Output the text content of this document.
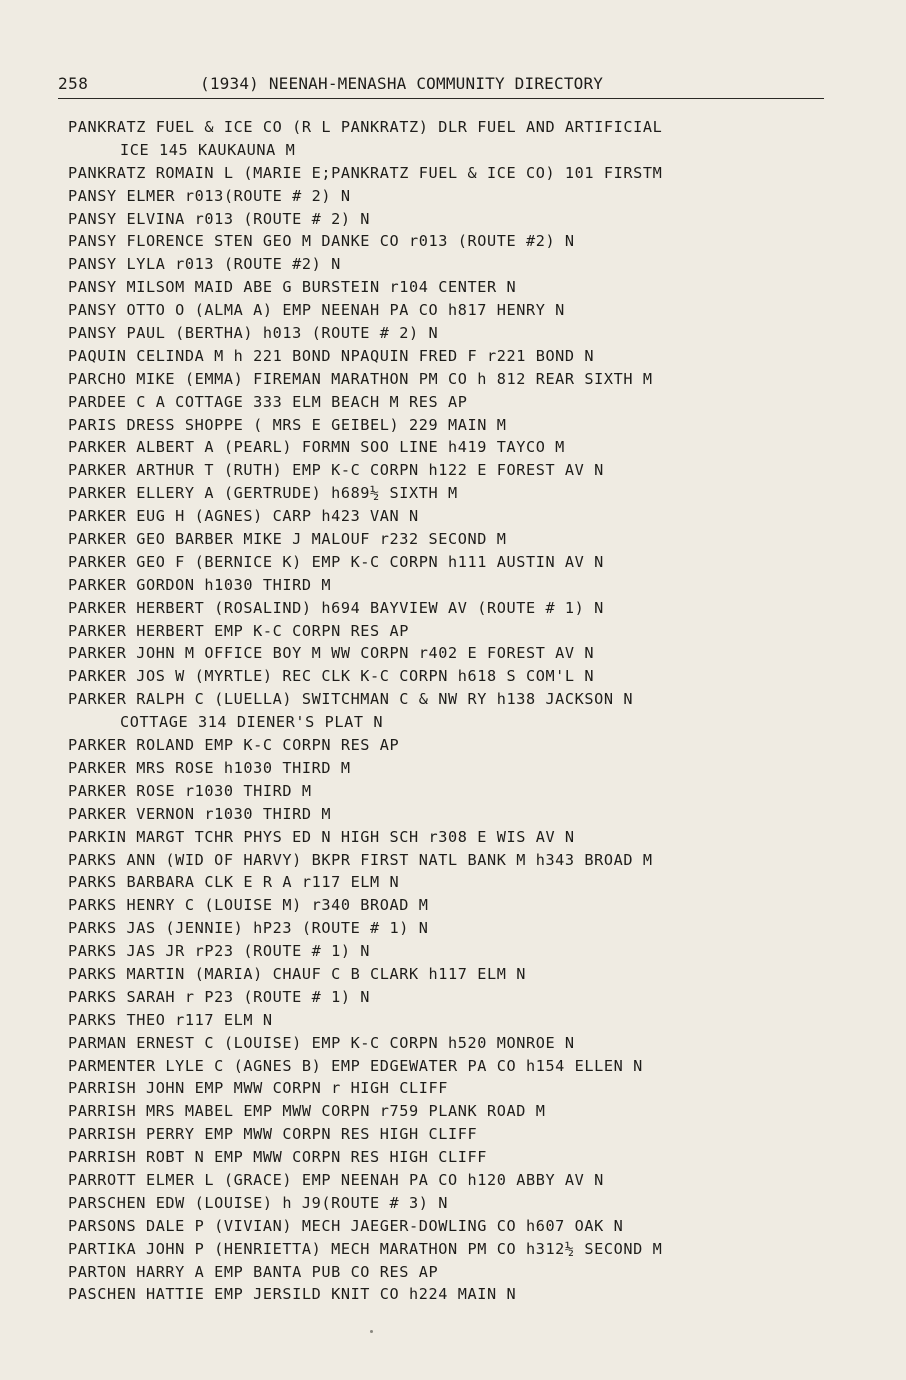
258	(1934) NEENAH-MENASHA COMMUNITY DIRECTORY
PANKRATZ FUEL & ICE CO (R L PANKRATZ) DLR FUEL AND ARTIFICIAL
ICE 145 KAUKAUNA M
PANKRATZ ROMAIN L (MARIE E;PANKRATZ FUEL & ICE CO) 101 FIRSTM
PANSY ELMER r013(ROUTE # 2) N
PANSY ELVINA r013 (ROUTE # 2) N
PANSY FLORENCE STEN GEO M DANKE CO r013 (ROUTE #2) N
PANSY LYLA r013 (ROUTE #2) N
PANSY MILSOM MAID ABE G BURSTEIN r104 CENTER N
PANSY OTTO O (ALMA A) EMP NEENAH PA CO h817 HENRY N
PANSY PAUL (BERTHA) h013 (ROUTE # 2) N
PAQUIN CELINDA M h 221 BOND NPAQUIN FRED F r221 BOND N
PARCHO MIKE (EMMA) FIREMAN MARATHON PM CO h 812 REAR SIXTH M
PARDEE C A COTTAGE 333 ELM BEACH M RES AP
PARIS DRESS SHOPPE ( MRS E GEIBEL) 229 MAIN M
PARKER ALBERT A (PEARL) FORMN SOO LINE h419 TAYCO M
PARKER ARTHUR T (RUTH) EMP K-C CORPN h122 E FOREST AV N
PARKER ELLERY A (GERTRUDE) h689½ SIXTH M
PARKER EUG H (AGNES) CARP h423 VAN N
PARKER GEO BARBER MIKE J MALOUF r232 SECOND M
PARKER GEO F (BERNICE K) EMP K-C CORPN h111 AUSTIN AV N
PARKER GORDON h1030 THIRD M
PARKER HERBERT (ROSALIND) h694 BAYVIEW AV (ROUTE # 1) N
PARKER HERBERT EMP K-C CORPN RES AP
PARKER JOHN M OFFICE BOY M WW CORPN r402 E FOREST AV N
PARKER JOS W (MYRTLE) REC CLK K-C CORPN h618 S COM'L N
PARKER RALPH C (LUELLA) SWITCHMAN C & NW RY h138 JACKSON N
COTTAGE 314 DIENER'S PLAT N
PARKER ROLAND EMP K-C CORPN RES AP
PARKER MRS ROSE h1030 THIRD M
PARKER ROSE r1030 THIRD M
PARKER VERNON r1030 THIRD M
PARKIN MARGT TCHR PHYS ED N HIGH SCH r308 E WIS AV N
PARKS ANN (WID OF HARVY) BKPR FIRST NATL BANK M h343 BROAD M
PARKS BARBARA CLK E R A r117 ELM N
PARKS HENRY C (LOUISE M) r340 BROAD M
PARKS JAS (JENNIE) hP23 (ROUTE # 1) N
PARKS JAS JR rP23 (ROUTE # 1) N
PARKS MARTIN (MARIA) CHAUF C B CLARK h117 ELM N
PARKS SARAH r P23 (ROUTE # 1) N
PARKS THEO r117 ELM N
PARMAN ERNEST C (LOUISE) EMP K-C CORPN h520 MONROE N
PARMENTER LYLE C (AGNES B) EMP EDGEWATER PA CO h154 ELLEN N
PARRISH JOHN EMP MWW CORPN r HIGH CLIFF
PARRISH MRS MABEL EMP MWW CORPN r759 PLANK ROAD M
PARRISH PERRY EMP MWW CORPN RES HIGH CLIFF
PARRISH ROBT N EMP MWW CORPN RES HIGH CLIFF
PARROTT ELMER L (GRACE) EMP NEENAH PA CO h120 ABBY AV N
PARSCHEN EDW (LOUISE) h J9(ROUTE # 3) N
PARSONS DALE P (VIVIAN) MECH JAEGER-DOWLING CO h607 OAK N
PARTIKA JOHN P (HENRIETTA) MECH MARATHON PM CO h312½ SECOND M
PARTON HARRY A EMP BANTA PUB CO RES AP
PASCHEN HATTIE EMP JERSILD KNIT CO h224 MAIN N
